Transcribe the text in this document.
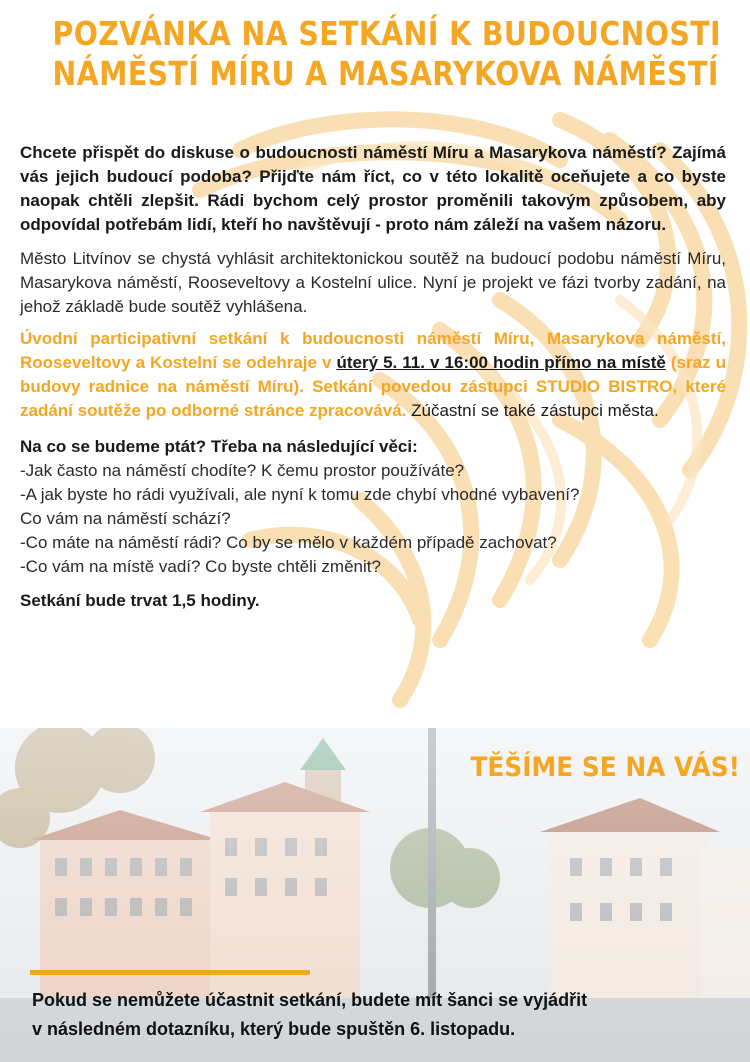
POZVÁNKA NA SETKÁNÍ K BUDOUCNOSTI
NÁMĚSTÍ MÍRU A MASARYKOVA NÁMĚSTÍ

Chcete přispět do diskuse o budoucnosti náměstí Míru a Masarykova náměstí? Zajímá vás jejich budoucí podoba? Přijďte nám říct, co v této lokalitě oceňujete a co byste naopak chtěli zlepšit. Rádi bychom celý prostor proměnili takovým způsobem, aby odpovídal potřebám lidí, kteří ho navštěvují - proto nám záleží na vašem názoru.

Město Litvínov se chystá vyhlásit architektonickou soutěž na budoucí podobu náměstí Míru, Masarykova náměstí, Rooseveltovy a Kostelní ulice. Nyní je projekt ve fázi tvorby zadání, na jehož základě bude soutěž vyhlášena.

Úvodní participativní setkání k budoucnosti náměstí Míru, Masarykova náměstí, Rooseveltovy a Kostelní se odehraje v úterý 5. 11. v 16:00 hodin přímo na místě (sraz u budovy radnice na náměstí Míru). Setkání povedou zástupci STUDIO BISTRO, které zadání soutěže po odborné stránce zpracovává. Zúčastní se také zástupci města.

Na co se budeme ptát? Třeba na následující věci:

-Jak často na náměstí chodíte? K čemu prostor používáte?
-A jak byste ho rádi využívali, ale nyní k tomu zde chybí vhodné vybavení?
Co vám na náměstí schází?
-Co máte na náměstí rádi? Co by se mělo v každém případě zachovat?
-Co vám na místě vadí? Co byste chtěli změnit?

Setkání bude trvat 1,5 hodiny.

TĚŠÍME SE NA VÁS!
Pokud se nemůžete účastnit setkání, budete mít šanci se vyjádřit
v následném dotazníku, který bude spuštěn 6. listopadu.
